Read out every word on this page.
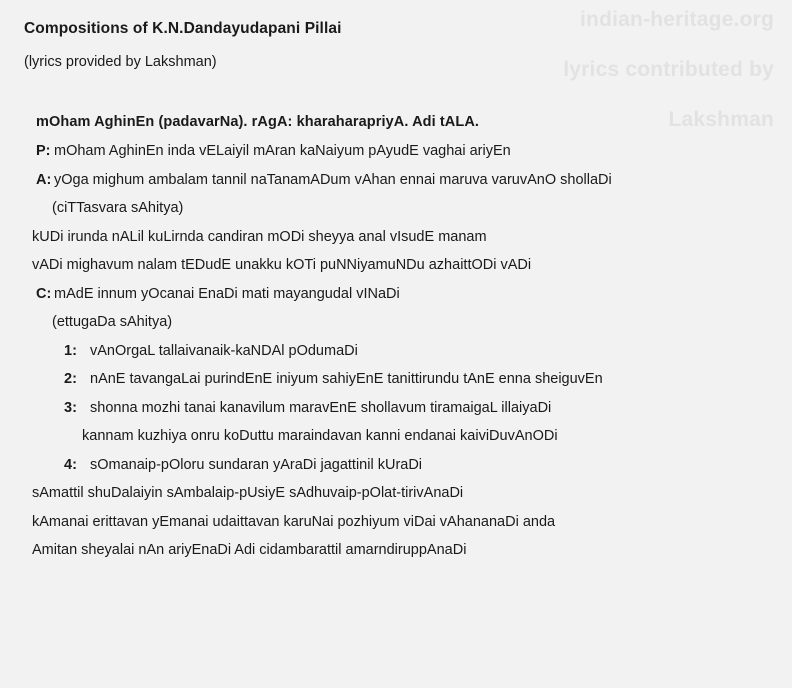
indian-heritage.org
lyrics contributed by
Lakshman
Compositions of K.N.Dandayudapani Pillai
(lyrics provided by Lakshman)
mOham AghinEn (padavarNa). rAgA: kharaharapriyA. Adi tALA.
P: mOham AghinEn inda vELaiyil mAran kaNaiyum pAyudE vaghai ariyEn
A: yOga mighum ambalam tannil naTanamADum vAhan ennai maruva varuvAnO shollaDi
(ciTTasvara sAhitya)
kUDi irunda nALil kuLirnda candiran mODi sheyya anal vIsudE manam
vADi mighavum nalam tEDudE unakku kOTi puNNiyamuNDu azhaittODi vADi
C: mAdE innum yOcanai EnaDi mati mayangudal vINaDi
(ettugaDa sAhitya)
1: vAnOrgaL tallaivanaik-kaNDAl pOdumaDi
2: nAnE tavangaLai purindEnE iniyum sahiyEnE tanittirundu tAnE enna sheiguvEn
3: shonna mozhi tanai kanavilum maravEnE shollavum tiramaigaL illaiyaDi
kannam kuzhiya onru koDuttu maraindavan kanni endanai kaiviDuvAnODi
4: sOmanaip-pOloru sundaran yAraDi jagattinil kUraDi
sAmattil shuDalaiyin sAmbalaip-pUsiyE sAdhuvaip-pOlat-tirivAnaDi
kAmanai erittavan yEmanai udaittavan karuNai pozhiyum viDai vAhananaDi anda
Amitan sheyalai nAn ariyEnaDi Adi cidambarattil amarndiruppAnaDi
